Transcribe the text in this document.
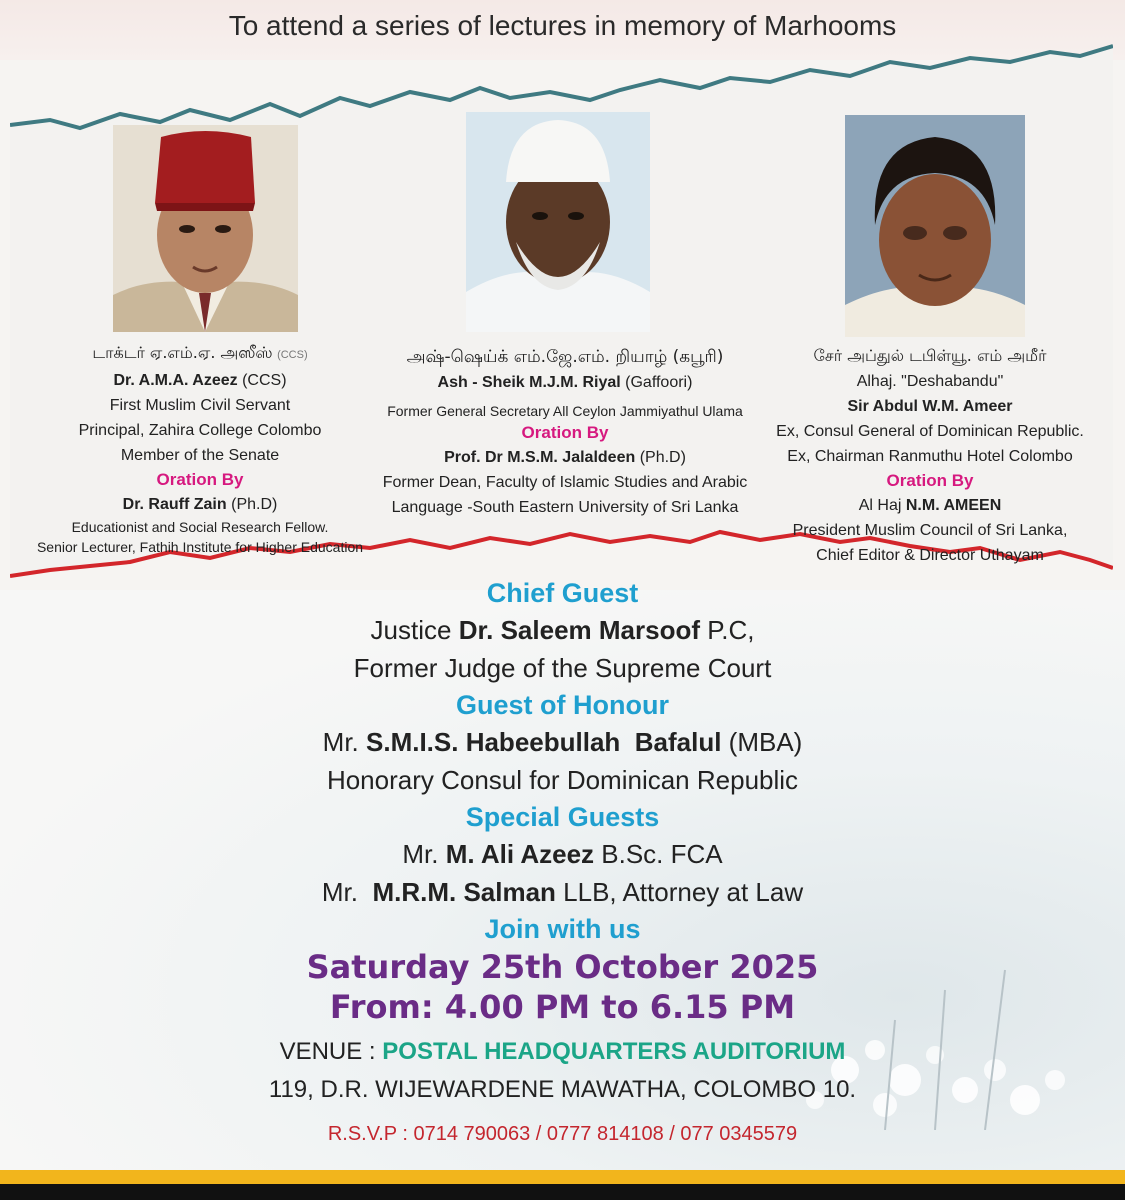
To attend a series of lectures in memory of Marhooms
டாக்டர் ஏ.எம்.ஏ. அஸீஸ் (CCS)
Dr. A.M.A. Azeez (CCS)
First Muslim Civil Servant
Principal, Zahira College Colombo
Member of the Senate
Oration By
Dr. Rauff Zain (Ph.D)
Educationist and Social Research Fellow.
Senior Lecturer, Fathih Institute for Higher Education
அஷ்-ஷெய்க் எம்.ஜே.எம். றியாழ் (கபூரி)
Ash - Sheik M.J.M. Riyal (Gaffoori)
Former General Secretary All Ceylon Jammiyathul Ulama
Oration By
Prof. Dr M.S.M. Jalaldeen (Ph.D)
Former Dean, Faculty of Islamic Studies and Arabic
Language -South Eastern University of Sri Lanka
சேர் அப்துல் டபிள்யூ. எம் அமீர்
Alhaj. "Deshabandu"
Sir Abdul W.M. Ameer
Ex, Consul General of Dominican Republic.
Ex, Chairman Ranmuthu Hotel Colombo
Oration By
Al Haj N.M. AMEEN
President Muslim Council of Sri Lanka,
Chief Editor & Director Uthayam
Chief Guest
Justice Dr. Saleem Marsoof P.C,
Former Judge of the Supreme Court
Guest of Honour
Mr. S.M.I.S. Habeebullah  Bafalul (MBA)
Honorary Consul for Dominican Republic
Special Guests
Mr. M. Ali Azeez B.Sc. FCA
Mr.  M.R.M. Salman LLB, Attorney at Law
Join with us
Saturday 25th October 2025
From: 4.00 PM to 6.15 PM
VENUE : POSTAL HEADQUARTERS AUDITORIUM
119, D.R. WIJEWARDENE MAWATHA, COLOMBO 10.
R.S.V.P : 0714 790063 / 0777 814108 / 077 0345579
